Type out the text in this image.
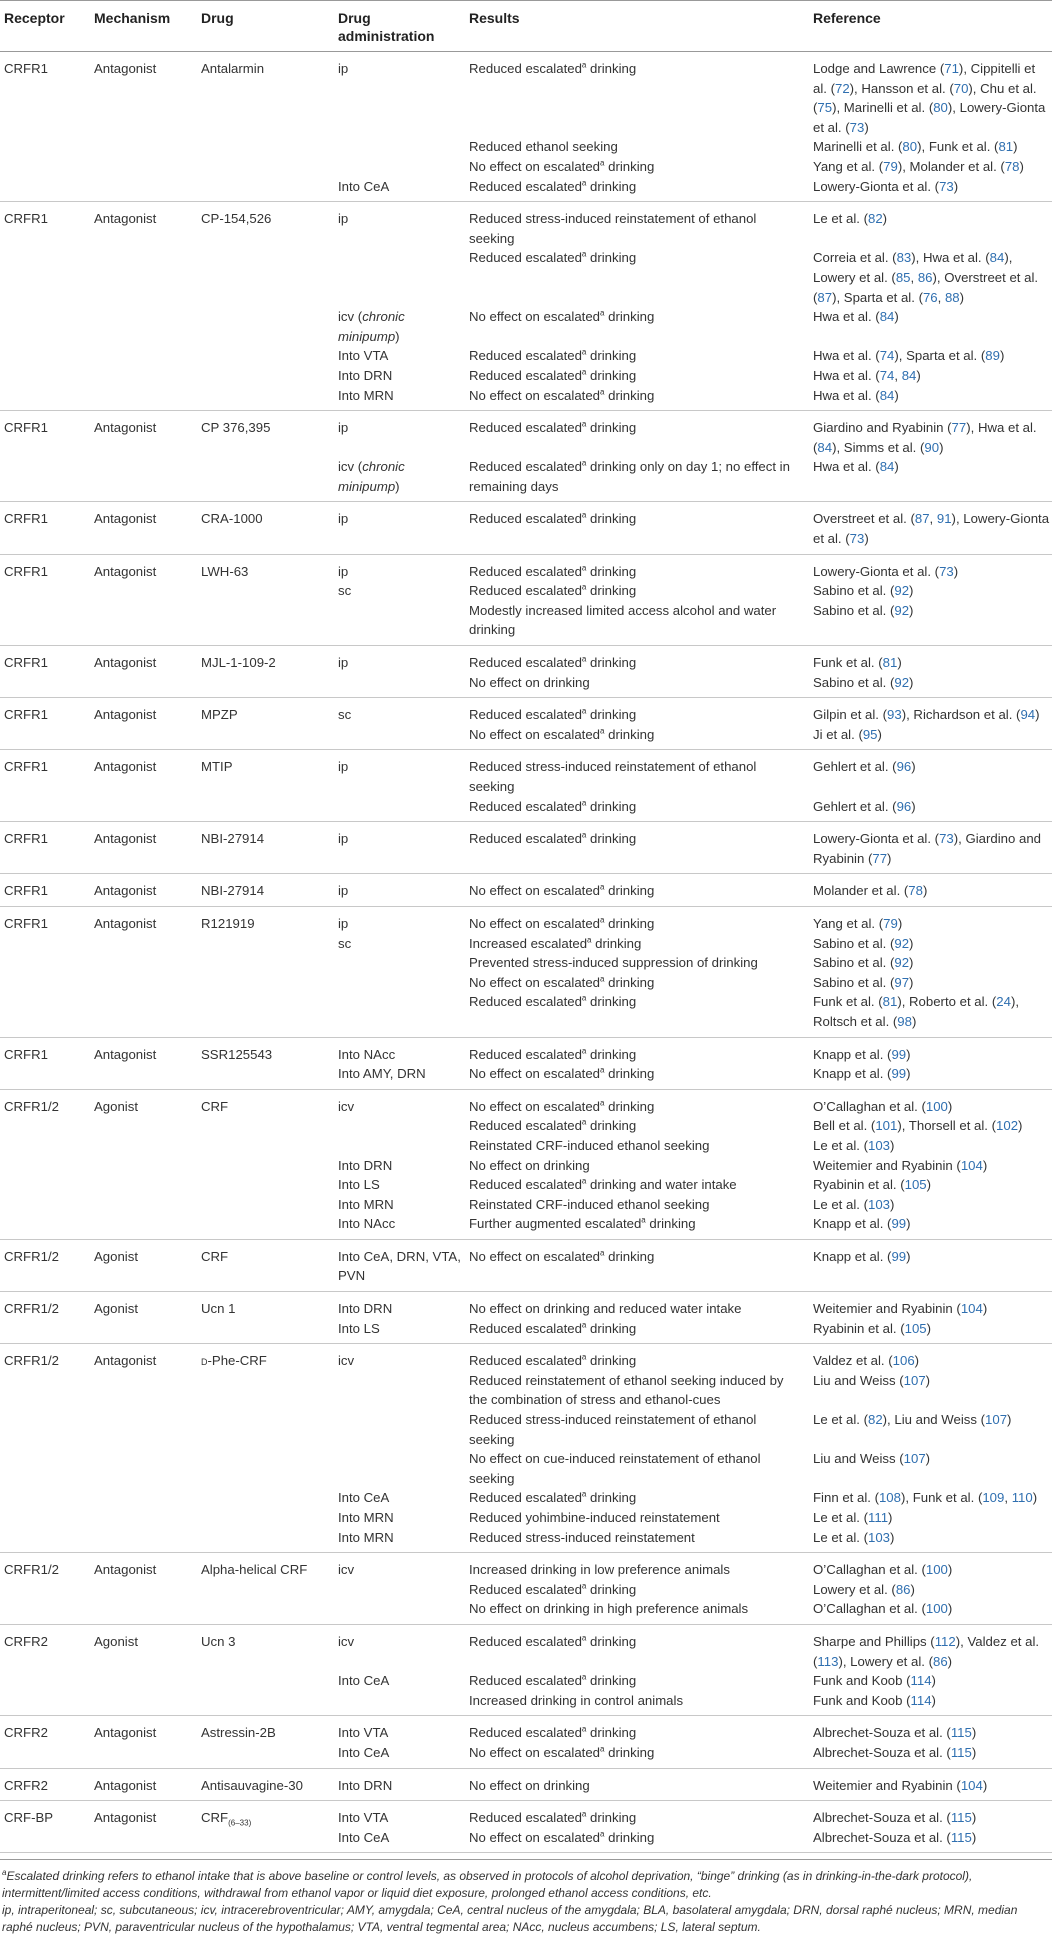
Receptor	Mechanism	Drug	Drug administration	Results	Reference
CRFR1	Antagonist	Antalarmin	ip	Reduced escalated$^a$ drinking	Lodge and Lawrence (71), Cippitelli et al. (72), Hansson et al. (70), Chu et al. (75), Marinelli et al. (80), Lowery-Gionta et al. (73)
				Reduced ethanol seeking	Marinelli et al. (80), Funk et al. (81)
				No effect on escalated$^a$ drinking	Yang et al. (79), Molander et al. (78)
			Into CeA	Reduced escalated$^a$ drinking	Lowery-Gionta et al. (73)
CRFR1	Antagonist	CP-154,526	ip	Reduced stress-induced reinstatement of ethanol seeking	Le et al. (82)
				Reduced escalated$^a$ drinking	Correia et al. (83), Hwa et al. (84), Lowery et al. (85, 86), Overstreet et al. (87), Sparta et al. (76, 88)
			icv (chronic minipump)	No effect on escalated$^a$ drinking	Hwa et al. (84)
			Into VTA	Reduced escalated$^a$ drinking	Hwa et al. (74), Sparta et al. (89)
			Into DRN	Reduced escalated$^a$ drinking	Hwa et al. (74, 84)
			Into MRN	No effect on escalated$^a$ drinking	Hwa et al. (84)
CRFR1	Antagonist	CP 376,395	ip	Reduced escalated$^a$ drinking	Giardino and Ryabinin (77), Hwa et al. (84), Simms et al. (90)
			icv (chronic minipump)	Reduced escalated$^a$ drinking only on day 1; no effect in remaining days	Hwa et al. (84)
CRFR1	Antagonist	CRA-1000	ip	Reduced escalated$^a$ drinking	Overstreet et al. (87, 91), Lowery-Gionta et al. (73)
CRFR1	Antagonist	LWH-63	ip	Reduced escalated$^a$ drinking	Lowery-Gionta et al. (73)
			sc	Reduced escalated$^a$ drinking	Sabino et al. (92)
				Modestly increased limited access alcohol and water drinking	Sabino et al. (92)
CRFR1	Antagonist	MJL-1-109-2	ip	Reduced escalated$^a$ drinking	Funk et al. (81)
				No effect on drinking	Sabino et al. (92)
CRFR1	Antagonist	MPZP	sc	Reduced escalated$^a$ drinking	Gilpin et al. (93), Richardson et al. (94)
				No effect on escalated$^a$ drinking	Ji et al. (95)
CRFR1	Antagonist	MTIP	ip	Reduced stress-induced reinstatement of ethanol seeking	Gehlert et al. (96)
				Reduced escalated$^a$ drinking	Gehlert et al. (96)
CRFR1	Antagonist	NBI-27914	ip	Reduced escalated$^a$ drinking	Lowery-Gionta et al. (73), Giardino and Ryabinin (77)
CRFR1	Antagonist	NBI-27914	ip	No effect on escalated$^a$ drinking	Molander et al. (78)
CRFR1	Antagonist	R121919	ip	No effect on escalated$^a$ drinking	Yang et al. (79)
			sc	Increased escalated$^a$ drinking	Sabino et al. (92)
				Prevented stress-induced suppression of drinking	Sabino et al. (92)
				No effect on escalated$^a$ drinking	Sabino et al. (97)
				Reduced escalated$^a$ drinking	Funk et al. (81), Roberto et al. (24), Roltsch et al. (98)
CRFR1	Antagonist	SSR125543	Into NAcc	Reduced escalated$^a$ drinking	Knapp et al. (99)
			Into AMY, DRN	No effect on escalated$^a$ drinking	Knapp et al. (99)
CRFR1/2	Agonist	CRF	icv	No effect on escalated$^a$ drinking	O’Callaghan et al. (100)
				Reduced escalated$^a$ drinking	Bell et al. (101), Thorsell et al. (102)
				Reinstated CRF-induced ethanol seeking	Le et al. (103)
			Into DRN	No effect on drinking	Weitemier and Ryabinin (104)
			Into LS	Reduced escalated$^a$ drinking and water intake	Ryabinin et al. (105)
			Into MRN	Reinstated CRF-induced ethanol seeking	Le et al. (103)
			Into NAcc	Further augmented escalated$^a$ drinking	Knapp et al. (99)
CRFR1/2	Agonist	CRF	Into CeA, DRN, VTA, PVN	No effect on escalated$^a$ drinking	Knapp et al. (99)
CRFR1/2	Agonist	Ucn 1	Into DRN	No effect on drinking and reduced water intake	Weitemier and Ryabinin (104)
			Into LS	Reduced escalated$^a$ drinking	Ryabinin et al. (105)
CRFR1/2	Antagonist	d-Phe-CRF	icv	Reduced escalated$^a$ drinking	Valdez et al. (106)
				Reduced reinstatement of ethanol seeking induced by the combination of stress and ethanol-cues	Liu and Weiss (107)
				Reduced stress-induced reinstatement of ethanol seeking	Le et al. (82), Liu and Weiss (107)
				No effect on cue-induced reinstatement of ethanol seeking	Liu and Weiss (107)
			Into CeA	Reduced escalated$^a$ drinking	Finn et al. (108), Funk et al. (109, 110)
			Into MRN	Reduced yohimbine-induced reinstatement	Le et al. (111)
			Into MRN	Reduced stress-induced reinstatement	Le et al. (103)
CRFR1/2	Antagonist	Alpha-helical CRF	icv	Increased drinking in low preference animals	O’Callaghan et al. (100)
				Reduced escalated$^a$ drinking	Lowery et al. (86)
				No effect on drinking in high preference animals	O’Callaghan et al. (100)
CRFR2	Agonist	Ucn 3	icv	Reduced escalated$^a$ drinking	Sharpe and Phillips (112), Valdez et al. (113), Lowery et al. (86)
			Into CeA	Reduced escalated$^a$ drinking	Funk and Koob (114)
				Increased drinking in control animals	Funk and Koob (114)
CRFR2	Antagonist	Astressin-2B	Into VTA	Reduced escalated$^a$ drinking	Albrechet-Souza et al. (115)
			Into CeA	No effect on escalated$^a$ drinking	Albrechet-Souza et al. (115)
CRFR2	Antagonist	Antisauvagine-30	Into DRN	No effect on drinking	Weitemier and Ryabinin (104)
CRF-BP	Antagonist	$CRF_{(6-33)}$	Into VTA	Reduced escalated$^a$ drinking	Albrechet-Souza et al. (115)
			Into CeA	No effect on escalated$^a$ drinking	Albrechet-Souza et al. (115)

$^a$Escalated drinking refers to ethanol intake that is above baseline or control levels, as observed in protocols of alcohol deprivation, “binge” drinking (as in drinking-in-the-dark protocol), intermittent/limited access conditions, withdrawal from ethanol vapor or liquid diet exposure, prolonged ethanol access conditions, etc.

ip, intraperitoneal; sc, subcutaneous; icv, intracerebroventricular; AMY, amygdala; CeA, central nucleus of the amygdala; BLA, basolateral amygdala; DRN, dorsal raphé nucleus; MRN, median raphé nucleus; PVN, paraventricular nucleus of the hypothalamus; VTA, ventral tegmental area; NAcc, nucleus accumbens; LS, lateral septum.
